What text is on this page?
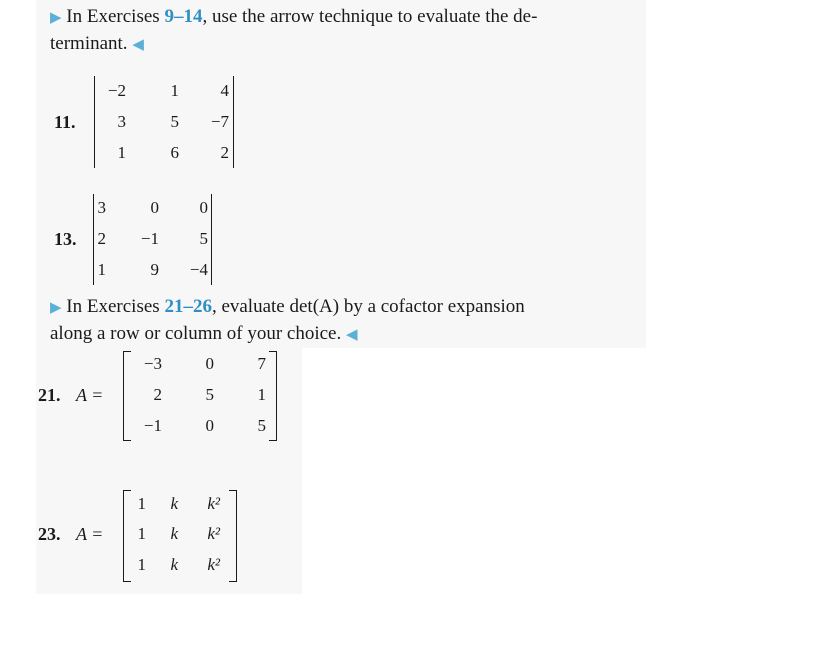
▶ In Exercises 9–14, use the arrow technique to evaluate the de-
terminant. ◀
11.
−2	1	4
3	5	−7
1	6	2
13.
3	0	0
2	−1	5
1	9	−4
▶ In Exercises 21–26, evaluate det(A) by a cofactor expansion
along a row or column of your choice. ◀
21. A =
−3	0	7
2	5	1
−1	0	5
23. A =
1	k	k²
1	k	k²
1	k	k²
